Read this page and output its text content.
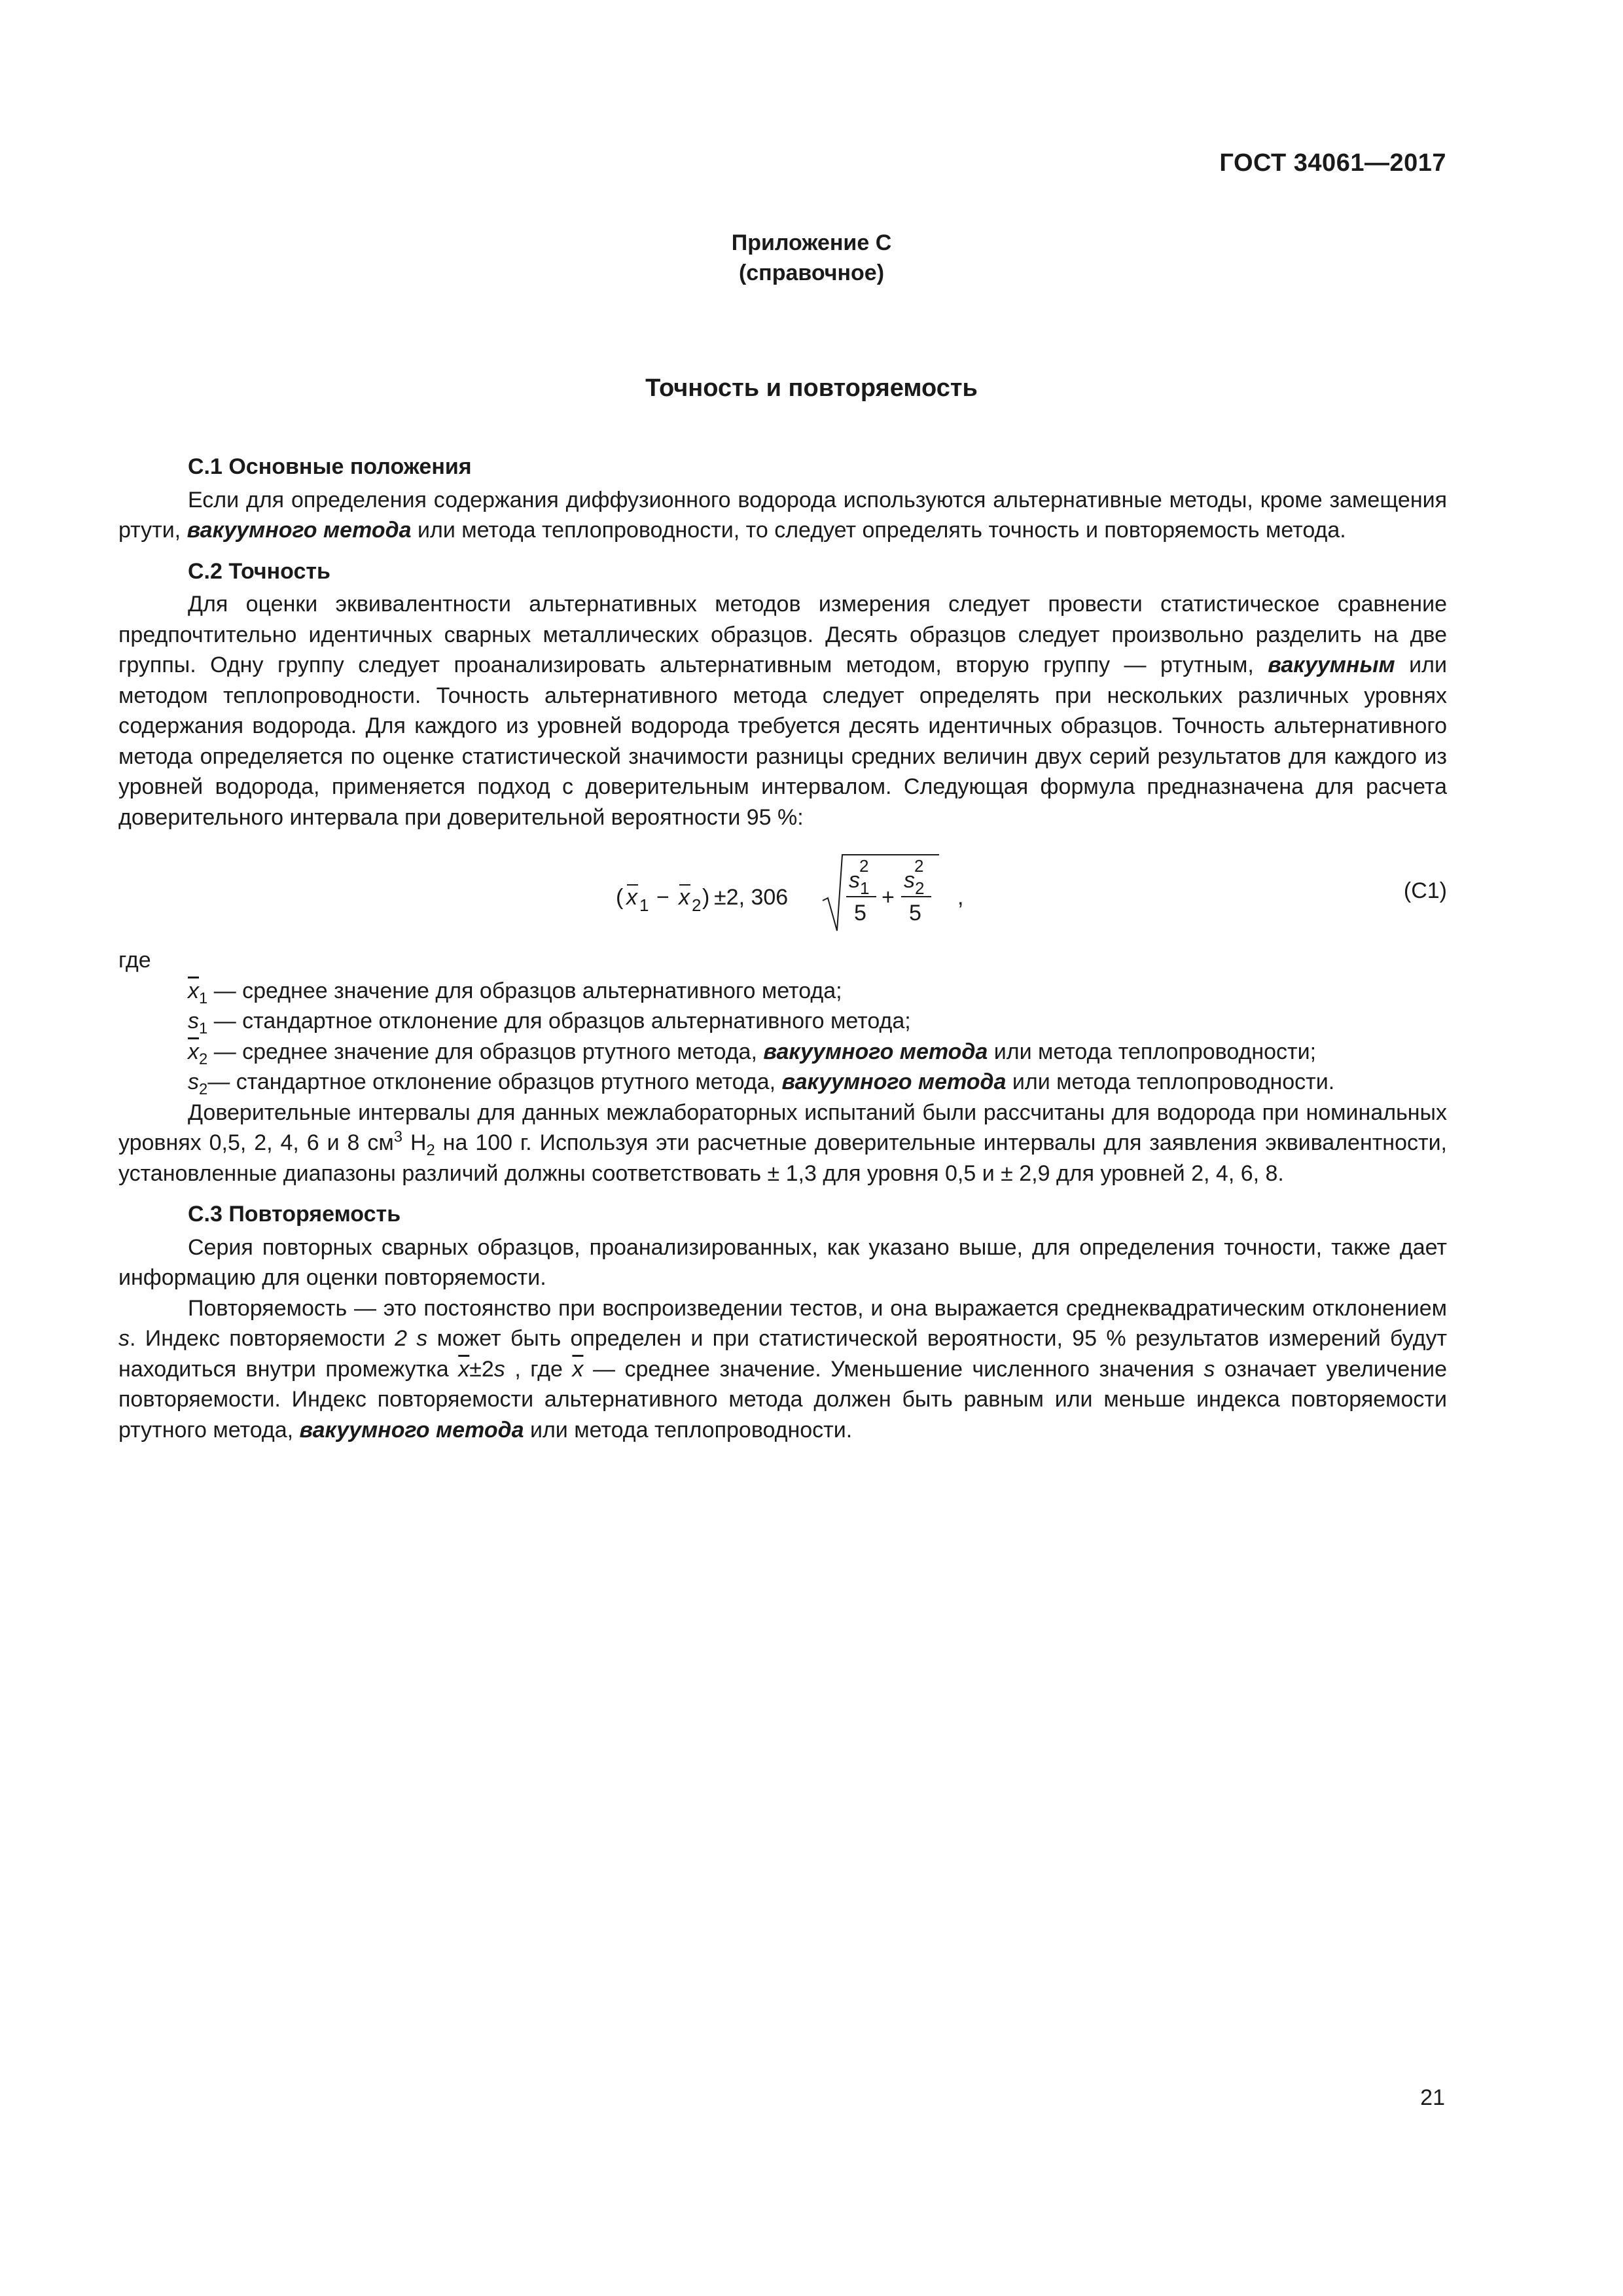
ГОСТ 34061—2017
Приложение С
(справочное)
Точность и повторяемость
С.1 Основные положения

Если для определения содержания диффузионного водорода используются альтернативные методы, кроме замещения ртути, вакуумного метода или метода теплопроводности, то следует определять точность и повторяемость метода.

С.2 Точность

Для оценки эквивалентности альтернативных методов измерения следует провести статистическое сравнение предпочтительно идентичных сварных металлических образцов. Десять образцов следует произвольно разделить на две группы. Одну группу следует проанализировать альтернативным методом, вторую группу — ртутным, вакуумным или методом теплопроводности. Точность альтернативного метода следует определять при нескольких различных уровнях содержания водорода. Для каждого из уровней водорода требуется десять идентичных образцов. Точность альтернативного метода определяется по оценке статистической значимости разницы средних величин двух серий результатов для каждого из уровней водорода, применяется подход с доверительным интервалом. Следующая формула предназначена для расчета доверительного интервала при доверительной вероятности 95 %:

( x 1 − x 2 ) ±2, 306
s
2
1
5
+
s
2
2
5
,	(С1)

где

$\overline{x}_1$ — среднее значение для образцов альтернативного метода;
$s_1$ — стандартное отклонение для образцов альтернативного метода;
$\overline{x}_2$ — среднее значение для образцов ртутного метода, вакуумного метода или метода теплопроводности;
$s_2—$ стандартное отклонение образцов ртутного метода, вакуумного метода или метода теплопроводности.

Доверительные интервалы для данных межлабораторных испытаний были рассчитаны для водорода при номинальных уровнях 0,5, 2, 4, 6 и 8 $см^3$ $H_2$ на 100 г. Используя эти расчетные доверительные интервалы для заявления эквивалентности, установленные диапазоны различий должны соответствовать ± 1,3 для уровня 0,5 и ± 2,9 для уровней 2, 4, 6, 8.

С.3 Повторяемость

Серия повторных сварных образцов, проанализированных, как указано выше, для определения точности, также дает информацию для оценки повторяемости.

Повторяемость — это постоянство при воспроизведении тестов, и она выражается среднеквадратическим отклонением s. Индекс повторяемости 2 s может быть определен и при статистической вероятности, 95 % результатов измерений будут находиться внутри промежутка $\overline{x}\pm 2s$ , где $\overline{x}$ — среднее значение. Уменьшение численного значения s означает увеличение повторяемости. Индекс повторяемости альтернативного метода должен быть равным или меньше индекса повторяемости ртутного метода, вакуумного метода или метода теплопроводности.

21
